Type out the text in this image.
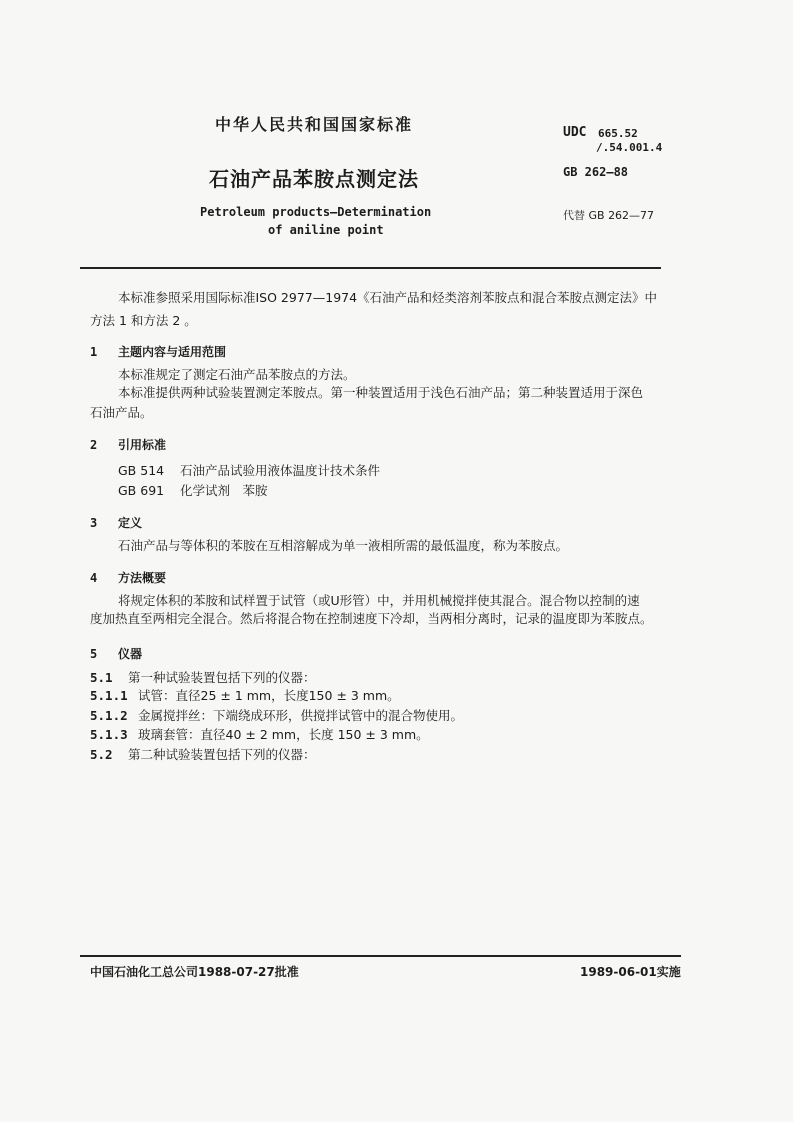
中华人民共和国国家标准	UDC 665.52
/.54.001.4
石油产品苯胺点测定法	GB 262—88
Petroleum products—Determination
of aniline point
代替 GB 262—77
本标准参照采用国际标准ISO 2977—1974《石油产品和烃类溶剂苯胺点和混合苯胺点测定法》中
方法 1 和方法 2 。
1 主题内容与适用范围
本标准规定了测定石油产品苯胺点的方法。
本标准提供两种试验装置测定苯胺点。第一种装置适用于浅色石油产品；第二种装置适用于深色
石油产品。
2 引用标准
GB 514 石油产品试验用液体温度计技术条件
GB 691 化学试剂　苯胺
3 定义
石油产品与等体积的苯胺在互相溶解成为单一液相所需的最低温度，称为苯胺点。
4 方法概要
将规定体积的苯胺和试样置于试管（或U形管）中，并用机械搅拌使其混合。混合物以控制的速
度加热直至两相完全混合。然后将混合物在控制速度下冷却，当两相分离时，记录的温度即为苯胺点。
5 仪器
5.1 第一种试验装置包括下列的仪器：
5.1.1 试管：直径25 ± 1 mm，长度150 ± 3 mm。
5.1.2 金属搅拌丝：下端绕成环形，供搅拌试管中的混合物使用。
5.1.3 玻璃套管：直径40 ± 2 mm，长度 150 ± 3 mm。
5.2 第二种试验装置包括下列的仪器：
中国石油化工总公司1988-07-27批准	1989-06-01实施
